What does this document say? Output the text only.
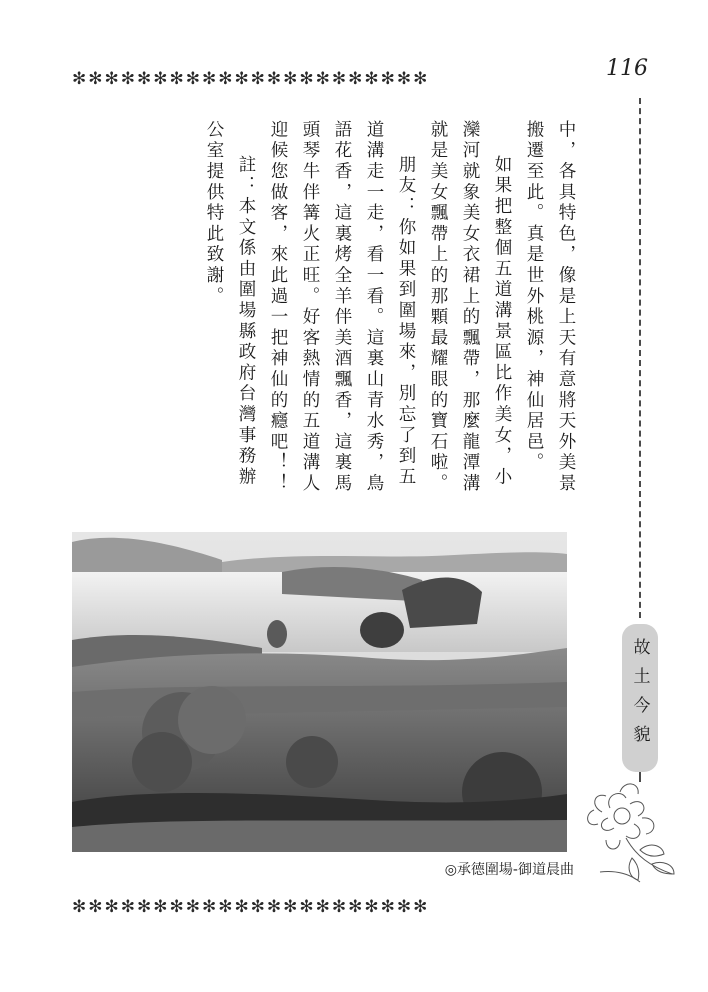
✻✻✻✻✻✻✻✻✻✻✻✻✻✻✻✻✻✻✻✻✻✻	116
故土今貌

中，各具特色，像是上天有意將天外美景搬遷至此。真是世外桃源，神仙居邑。

如果把整個五道溝景區比作美女，小灤河就象美女衣裙上的飄帶，那麼龍潭溝就是美女飄帶上的那顆最耀眼的寶石啦。

朋友：你如果到圍場來，別忘了到五道溝走一走，看一看。這裏山青水秀，鳥語花香，這裏烤全羊伴美酒飄香，這裏馬頭琴牛伴篝火正旺。好客熱情的五道溝人迎候您做客，來此過一把神仙的癮吧！！

註：本文係由圍場縣政府台灣事務辦公室提供特此致謝。

◎承德圍場-御道晨曲
✻✻✻✻✻✻✻✻✻✻✻✻✻✻✻✻✻✻✻✻✻✻
